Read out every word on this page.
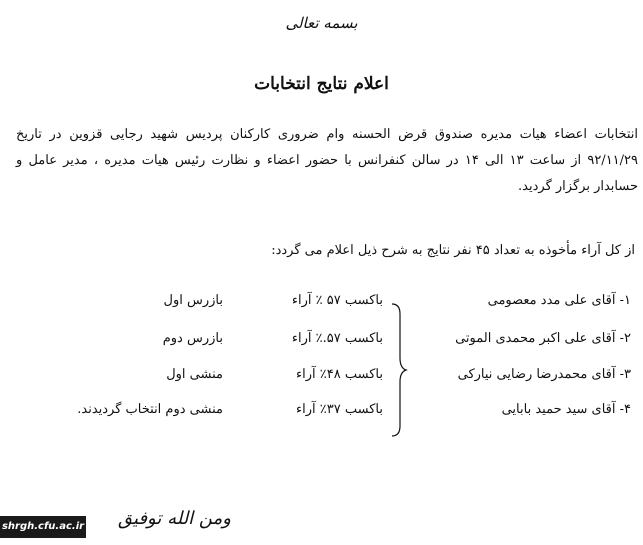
بسمه تعالی
اعلام نتایج انتخابات
انتخابات اعضاء هیات مدیره صندوق قرض الحسنه وام ضروری کارکنان پردیس شهید رجایی قزوین در تاریخ ۹۲/۱۱/۲۹ از ساعت ۱۳ الی ۱۴ در سالن کنفرانس با حضور اعضاء و نظارت رئیس هیات مدیره ، مدیر عامل و حسابدار برگزار گردید.
از کل آراء مأخوذه به تعداد ۴۵ نفر نتایج به شرح ذیل اعلام می گردد:
۱- آقای علی مدد معصومی
باکسب ۵۷ ٪ آراء
بازرس اول
۲- آقای علی اکبر محمدی الموتی
باکسب ۵۷.٪ آراء
بازرس دوم
۳- آقای محمدرضا رضایی نیارکی
باکسب ۴۸٪ آراء
منشی اول
۴- آقای سید حمید بابایی
باکسب ۳۷٪ آراء
منشی دوم انتخاب گردیدند.
shrgh.cfu.ac.ir ومن الله توفیق
